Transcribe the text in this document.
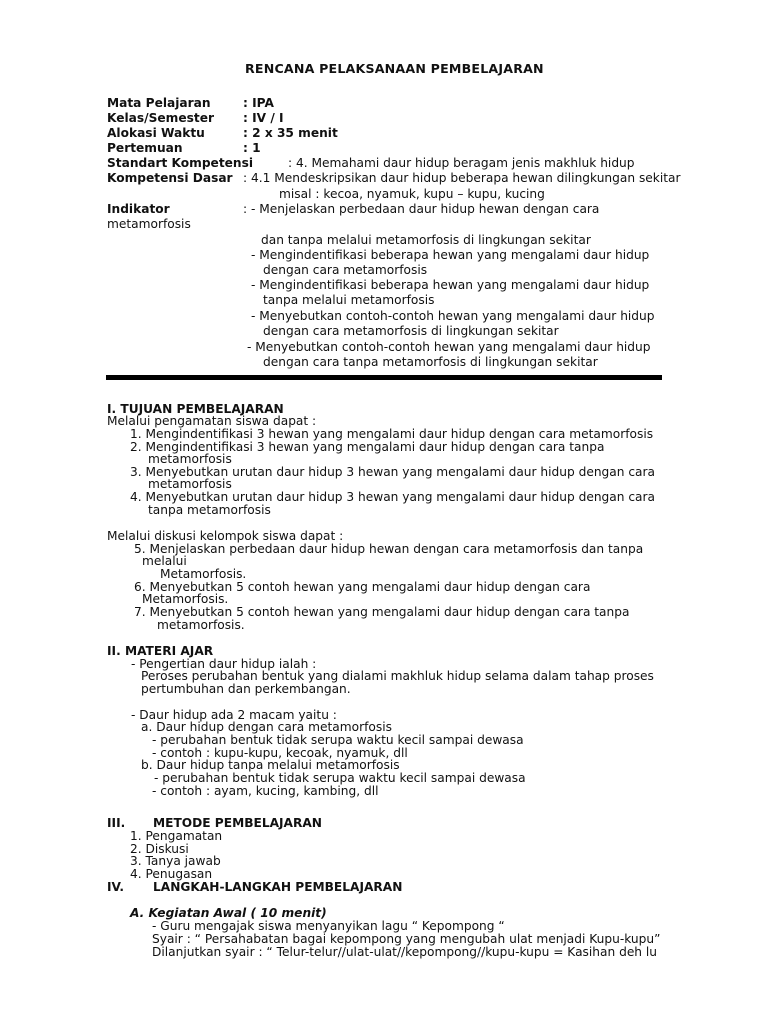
RENCANA PELAKSANAAN PEMBELAJARAN
Mata Pelajaran	: IPA
Kelas/Semester : IV / I
Alokasi Waktu	: 2 x 35 menit
Pertemuan	: 1
Standart Kompetensi	: 4. Memahami daur hidup beragam jenis makhluk hidup
Kompetensi Dasar : 4.1 Mendeskripsikan daur hidup beberapa hewan dilingkungan sekitar
misal : kecoa, nyamuk, kupu – kupu, kucing
Indikator	: - Menjelaskan perbedaan daur hidup hewan dengan cara
metamorfosis
dan tanpa melalui metamorfosis di lingkungan sekitar
- Mengindentifikasi beberapa hewan yang mengalami daur hidup
dengan cara metamorfosis
- Mengindentifikasi beberapa hewan yang mengalami daur hidup
tanpa melalui metamorfosis
- Menyebutkan contoh-contoh hewan yang mengalami daur hidup
dengan cara metamorfosis di lingkungan sekitar
- Menyebutkan contoh-contoh hewan yang mengalami daur hidup
dengan cara tanpa metamorfosis di lingkungan sekitar
I. TUJUAN PEMBELAJARAN
Melalui pengamatan siswa dapat :
1. Mengindentifikasi 3 hewan yang mengalami daur hidup dengan cara metamorfosis
2. Mengindentifikasi 3 hewan yang mengalami daur hidup dengan cara tanpa
metamorfosis
3. Menyebutkan urutan daur hidup 3 hewan yang mengalami daur hidup dengan cara
metamorfosis
4. Menyebutkan urutan daur hidup 3 hewan yang mengalami daur hidup dengan cara
tanpa metamorfosis
Melalui diskusi kelompok siswa dapat :
5. Menjelaskan perbedaan daur hidup hewan dengan cara metamorfosis dan tanpa
melalui
Metamorfosis.
6. Menyebutkan 5 contoh hewan yang mengalami daur hidup dengan cara
Metamorfosis.
7. Menyebutkan 5 contoh hewan yang mengalami daur hidup dengan cara tanpa
metamorfosis.
II. MATERI AJAR
- Pengertian daur hidup ialah :
Peroses perubahan bentuk yang dialami makhluk hidup selama dalam tahap proses
pertumbuhan dan perkembangan.
- Daur hidup ada 2 macam yaitu :
a. Daur hidup dengan cara metamorfosis
- perubahan bentuk tidak serupa waktu kecil sampai dewasa
- contoh : kupu-kupu, kecoak, nyamuk, dll
b. Daur hidup tanpa melalui metamorfosis
- perubahan bentuk tidak serupa waktu kecil sampai dewasa
- contoh : ayam, kucing, kambing, dll
III. METODE PEMBELAJARAN
1. Pengamatan
2. Diskusi
3. Tanya jawab
4. Penugasan
IV. LANGKAH-LANGKAH PEMBELAJARAN
A. Kegiatan Awal ( 10 menit)
- Guru mengajak siswa menyanyikan lagu “ Kepompong “
Syair : “ Persahabatan bagai kepompong yang mengubah ulat menjadi Kupu-kupu”
Dilanjutkan syair : “ Telur-telur//ulat-ulat//kepompong//kupu-kupu = Kasihan deh lu
